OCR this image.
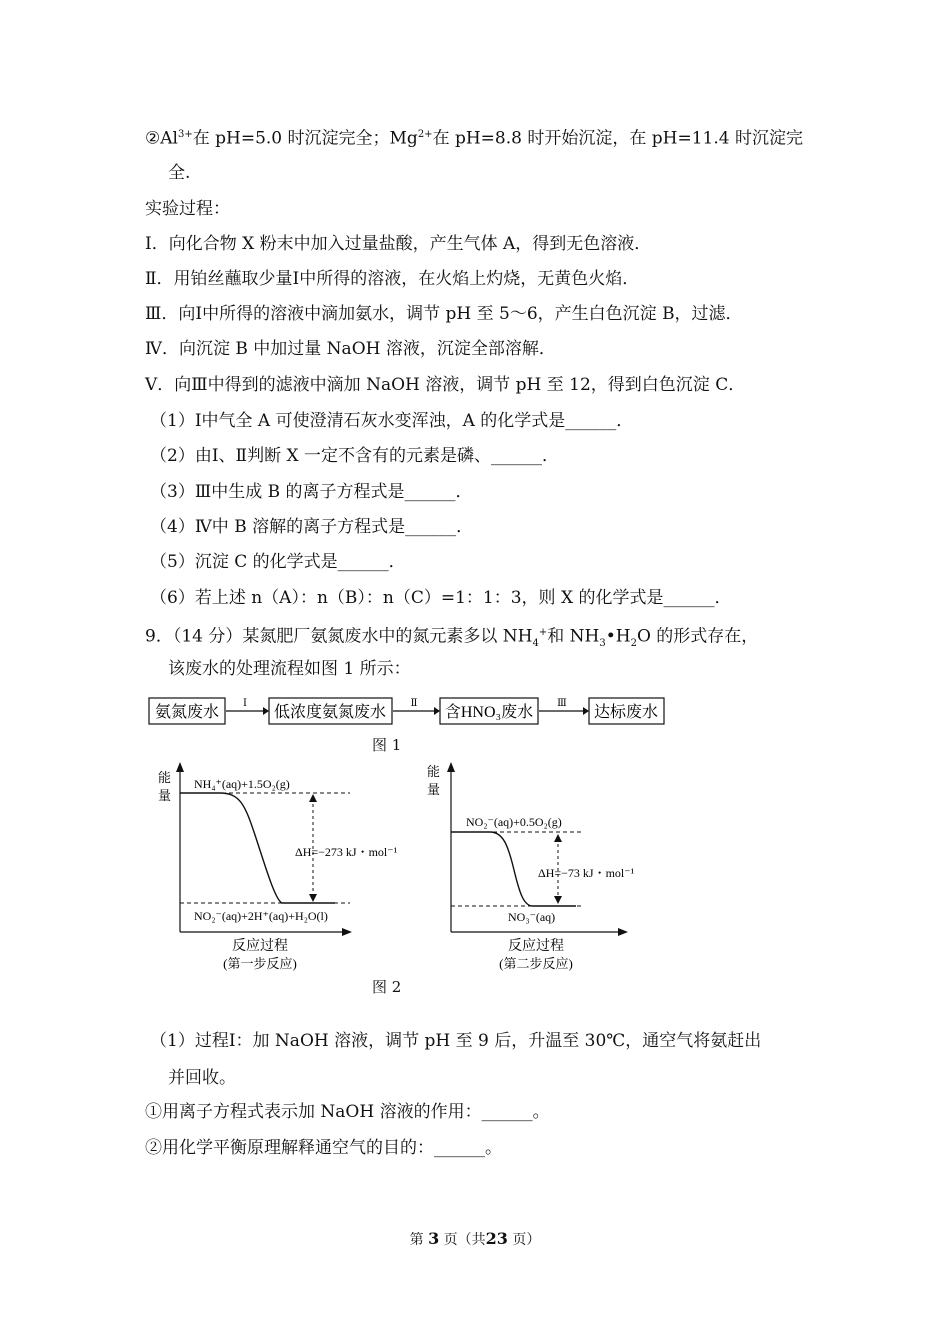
$②Al^{3+}$在 pH=5.0 时沉淀完全；$Mg^{2+}$在 pH=8.8 时开始沉淀，在 pH=11.4 时沉淀完
全.
实验过程：
Ⅰ．向化合物 X 粉末中加入过量盐酸，产生气体 A，得到无色溶液．
Ⅱ．用铂丝蘸取少量Ⅰ中所得的溶液，在火焰上灼烧，无黄色火焰．
Ⅲ．向Ⅰ中所得的溶液中滴加氨水，调节 pH 至 5～6，产生白色沉淀 B，过滤．
Ⅳ．向沉淀 B 中加过量 NaOH 溶液，沉淀全部溶解．
Ⅴ．向Ⅲ中得到的滤液中滴加 NaOH 溶液，调节 pH 至 12，得到白色沉淀 C．
（1）Ⅰ中气全 A 可使澄清石灰水变浑浊，A 的化学式是______．
（2）由Ⅰ、Ⅱ判断 X 一定不含有的元素是磷、______．
（3）Ⅲ中生成 B 的离子方程式是______．
（4）Ⅳ中 B 溶解的离子方程式是______．
（5）沉淀 C 的化学式是______．
（6）若上述 n（A）：n（B）：n（C）=1：1：3，则 X 的化学式是______．
9．（14 分）某氮肥厂氨氮废水中的氮元素多以 $NH_4^+$和 $NH_3•H_2O$ 的形式存在，
该废水的处理流程如图 1 所示：
氨氮废水
Ⅰ
低浓度氨氮废水
Ⅱ
含HNO₃废水
Ⅲ
达标废水
图 1
能
量
NH₄⁺(aq)+1.5O₂(g)
ΔH=−273 kJ・mol⁻¹
NO₂⁻(aq)+2H⁺(aq)+H₂O(l)
反应过程
(第一步反应)
能
量
NO₂⁻(aq)+0.5O₂(g)
ΔH=−73 kJ・mol⁻¹
NO₃⁻(aq)
反应过程
(第二步反应)
图 2
（1）过程Ⅰ：加 NaOH 溶液，调节 pH 至 9 后，升温至 30℃，通空气将氨赶出
并回收。
①用离子方程式表示加 NaOH 溶液的作用：______。
②用化学平衡原理解释通空气的目的：______。
第 3 页（共23 页）
